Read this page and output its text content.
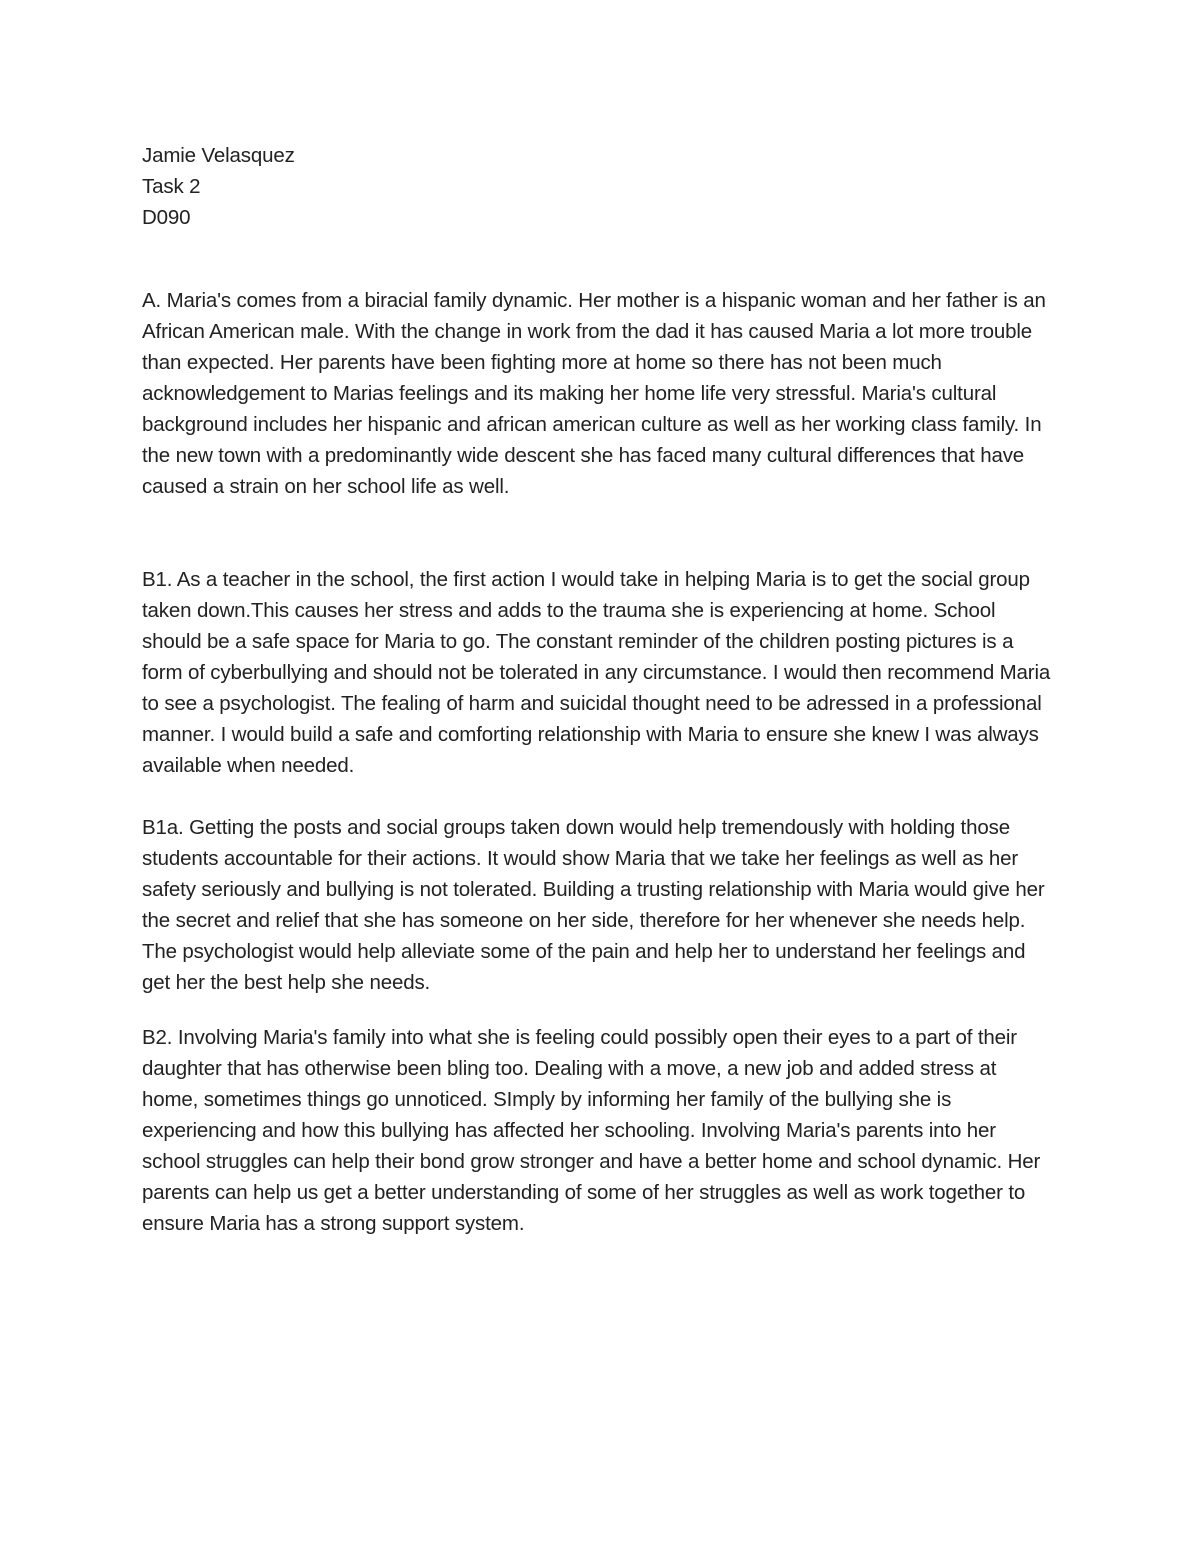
Jamie Velasquez
Task 2
D090

A. Maria's comes from a biracial family dynamic. Her mother is a hispanic woman and her father is an African American male. With the change in work from the dad it has caused Maria a lot more trouble than expected. Her parents have been fighting more at home so there has not been much acknowledgement to Marias feelings and its making her home life very stressful. Maria's cultural background includes her hispanic and african american culture as well as her working class family. In the new town with a predominantly wide descent she has faced many cultural differences that have caused a strain on her school life as well.

B1. As a teacher in the school, the first action I would take in helping Maria is to get the social group taken down.This causes her stress and adds to the trauma she is experiencing at home. School should be a safe space for Maria to go. The constant reminder of the children posting pictures is a form of cyberbullying and should not be tolerated in any circumstance. I would then recommend Maria to see a psychologist. The fealing of harm and suicidal thought need to be adressed in a professional manner. I would build a safe and comforting relationship with Maria to ensure she knew I was always available when needed.

B1a. Getting the posts and social groups taken down would help tremendously with holding those students accountable for their actions. It would show Maria that we take her feelings as well as her safety seriously and bullying is not tolerated. Building a trusting relationship with Maria would give her the secret and relief that she has someone on her side, therefore for her whenever she needs help. The psychologist would help alleviate some of the pain and help her to understand her feelings and get her the best help she needs.

B2. Involving Maria's family into what she is feeling could possibly open their eyes to a part of their daughter that has otherwise been bling too. Dealing with a move, a new job and added stress at home, sometimes things go unnoticed. SImply by informing her family of the bullying she is experiencing and how this bullying has affected her schooling. Involving Maria's parents into her school struggles can help their bond grow stronger and have a better home and school dynamic. Her parents can help us get a better understanding of some of her struggles as well as work together to ensure Maria has a strong support system.
